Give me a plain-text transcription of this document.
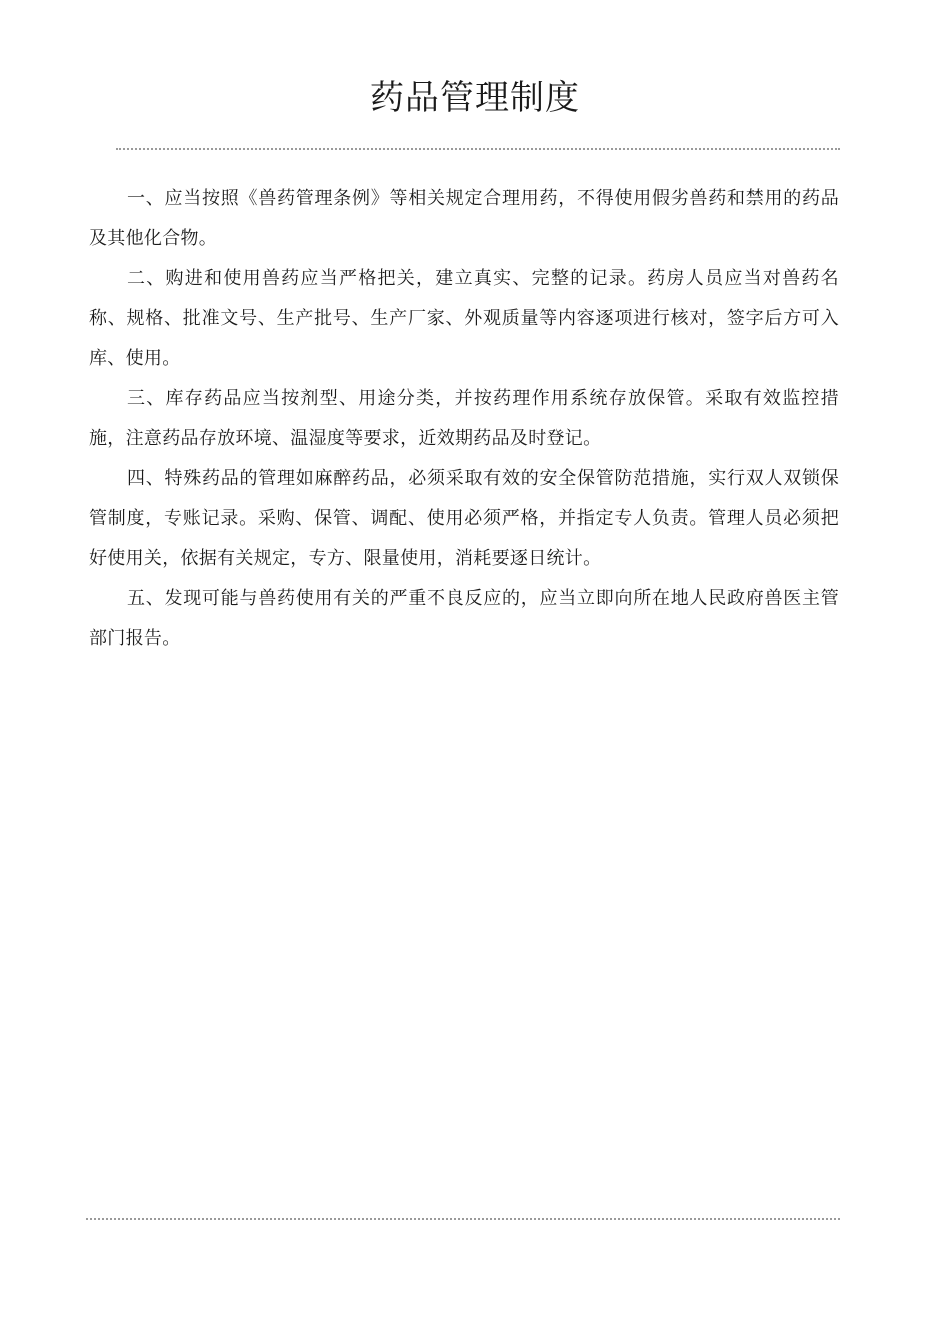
药品管理制度

一、应当按照《兽药管理条例》等相关规定合理用药，不得使用假劣兽药和禁用的药品及其他化合物。

二、购进和使用兽药应当严格把关，建立真实、完整的记录。药房人员应当对兽药名称、规格、批准文号、生产批号、生产厂家、外观质量等内容逐项进行核对，签字后方可入库、使用。

三、库存药品应当按剂型、用途分类，并按药理作用系统存放保管。采取有效监控措施，注意药品存放环境、温湿度等要求，近效期药品及时登记。

四、特殊药品的管理如麻醉药品，必须采取有效的安全保管防范措施，实行双人双锁保管制度，专账记录。采购、保管、调配、使用必须严格，并指定专人负责。管理人员必须把好使用关，依据有关规定，专方、限量使用，消耗要逐日统计。

五、发现可能与兽药使用有关的严重不良反应的，应当立即向所在地人民政府兽医主管部门报告。
